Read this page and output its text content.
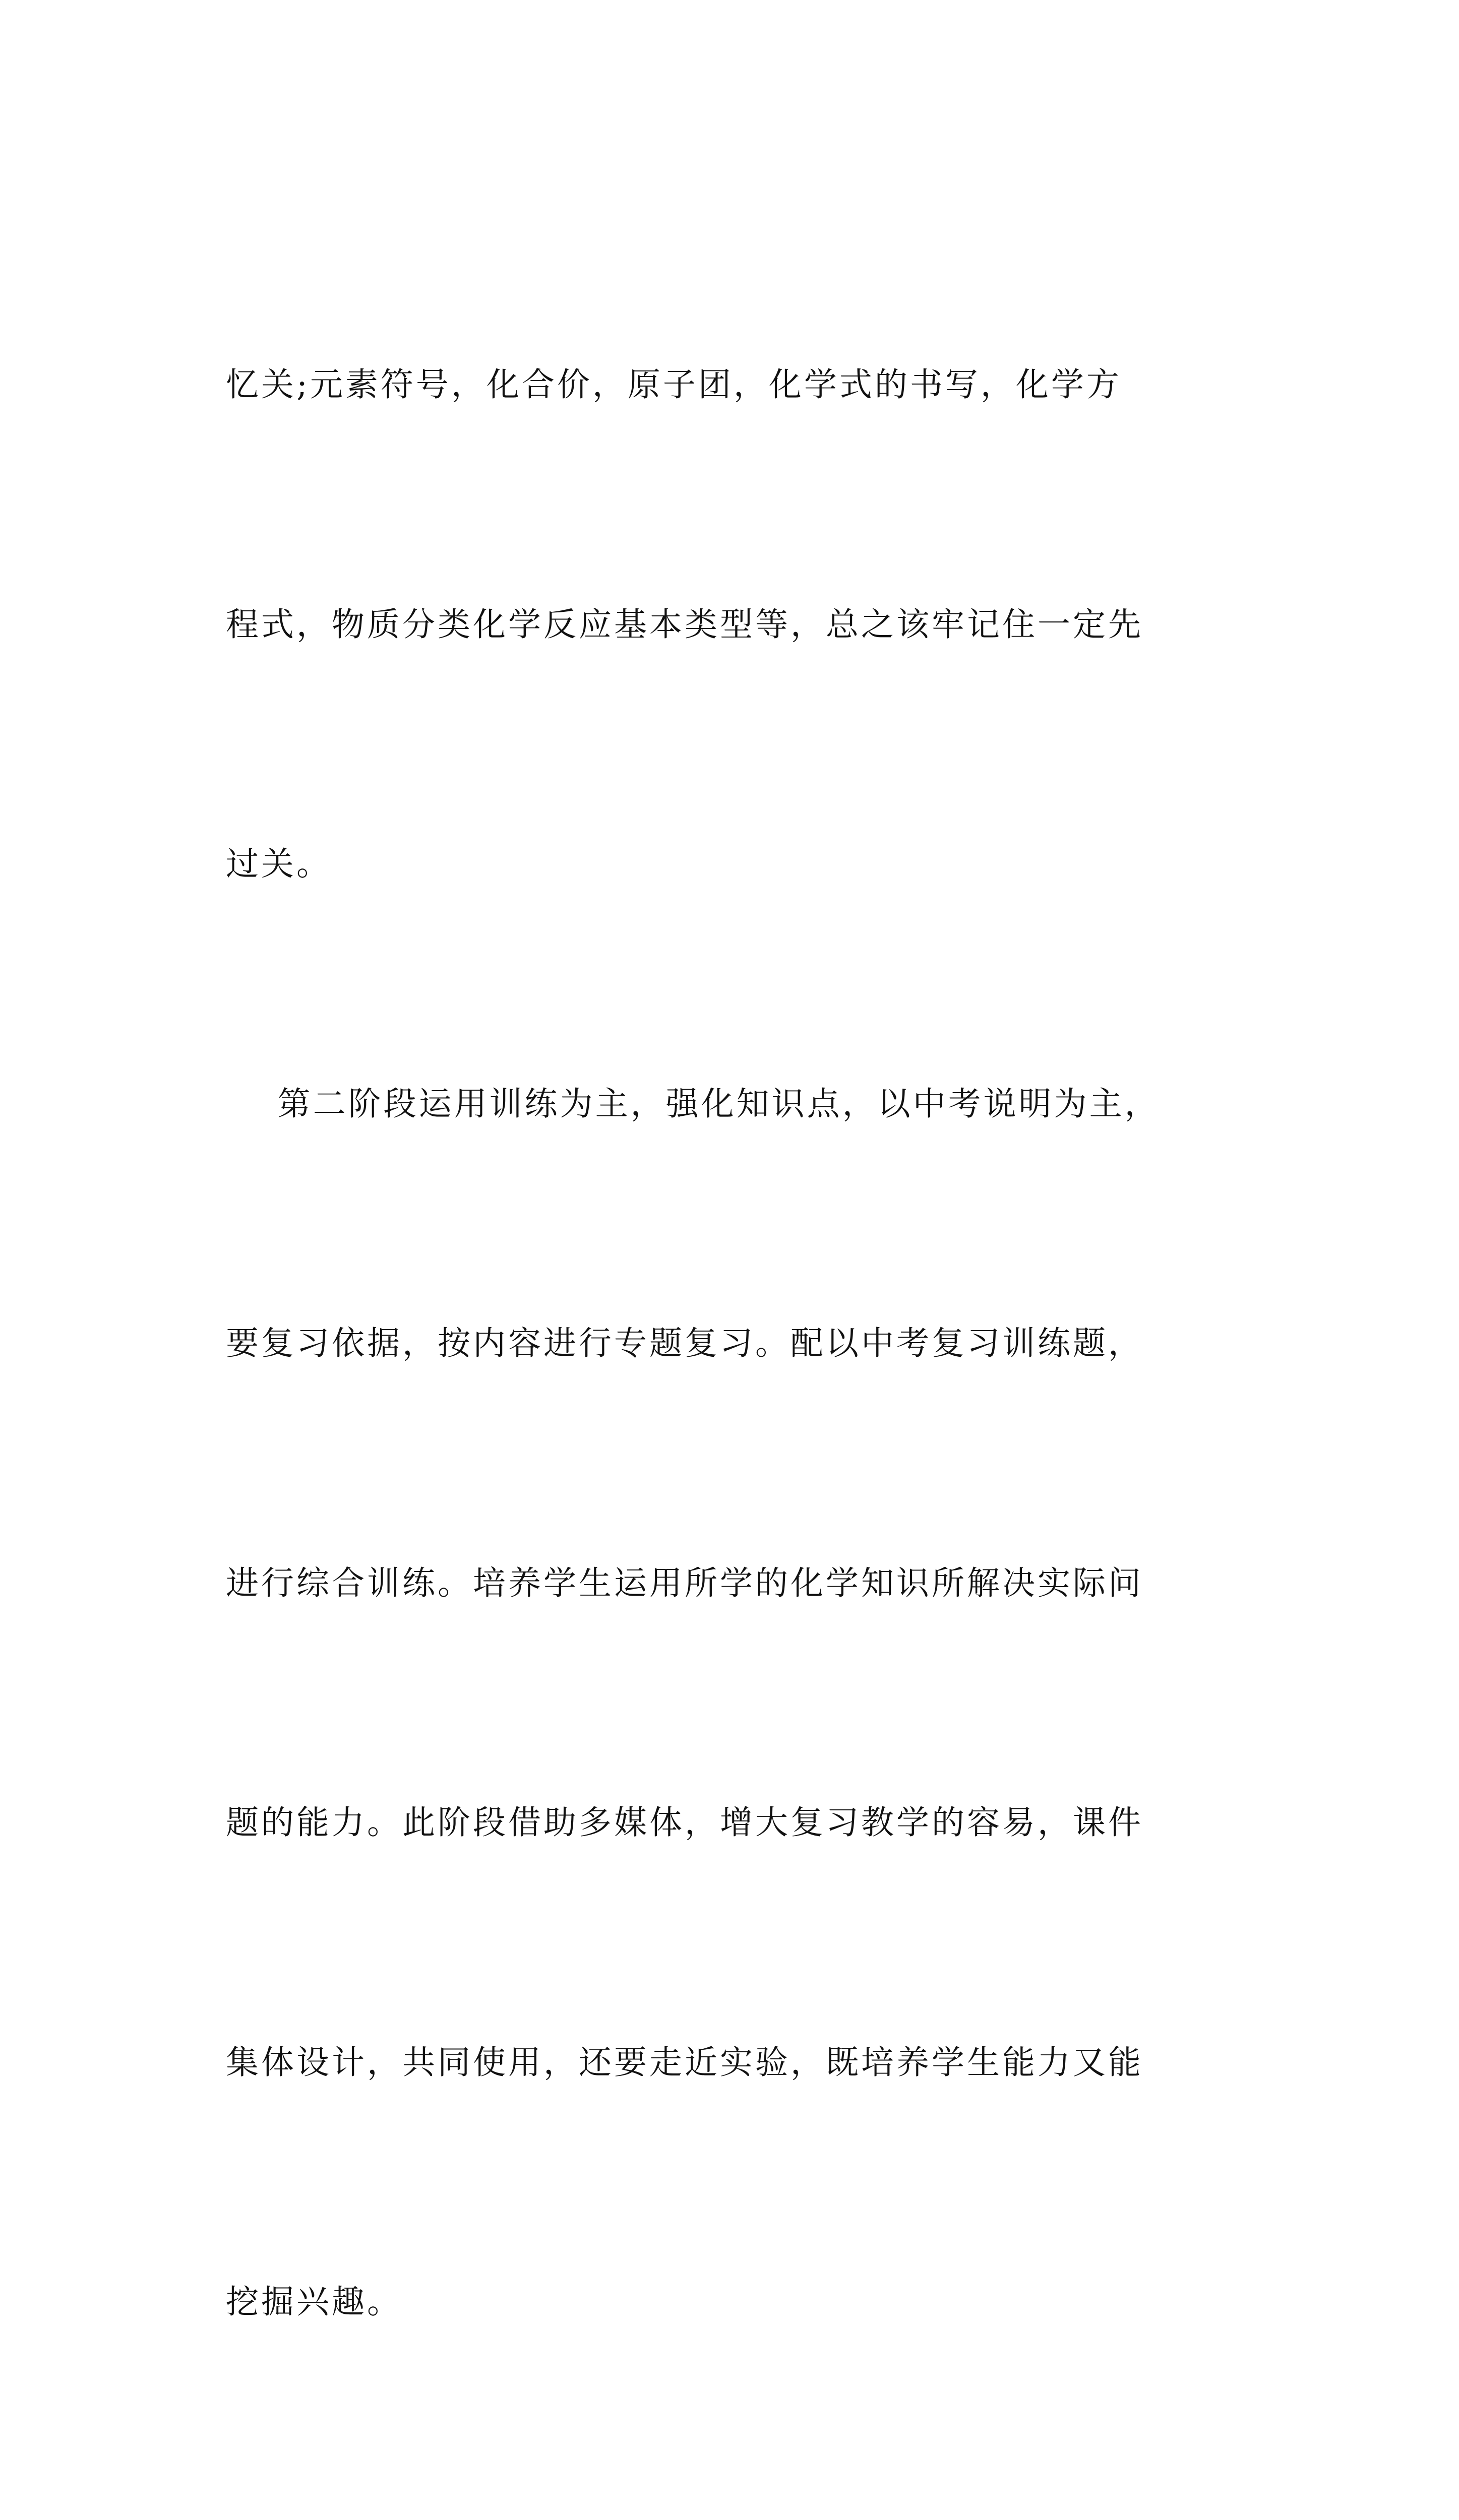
忆关;元素符号，化合价，原子团，化学式的书写，化学方

程式，物质分类化学反应基本类型等，总之该牢记住一定先

过关。

第二阶段运用训练为主，强化知识点，以中考说明为主，

要复习依据，按内容进行专题复习。配以中考复习训练题，

进行综合训练。培养学生运用所学的化学知识所解决实际问

题的能力。此阶段借助多媒体，增大复习教学的容易，课件

集体设计，共同使用，还要走近实验，既培养学生能力又能

挖掘兴趣。
